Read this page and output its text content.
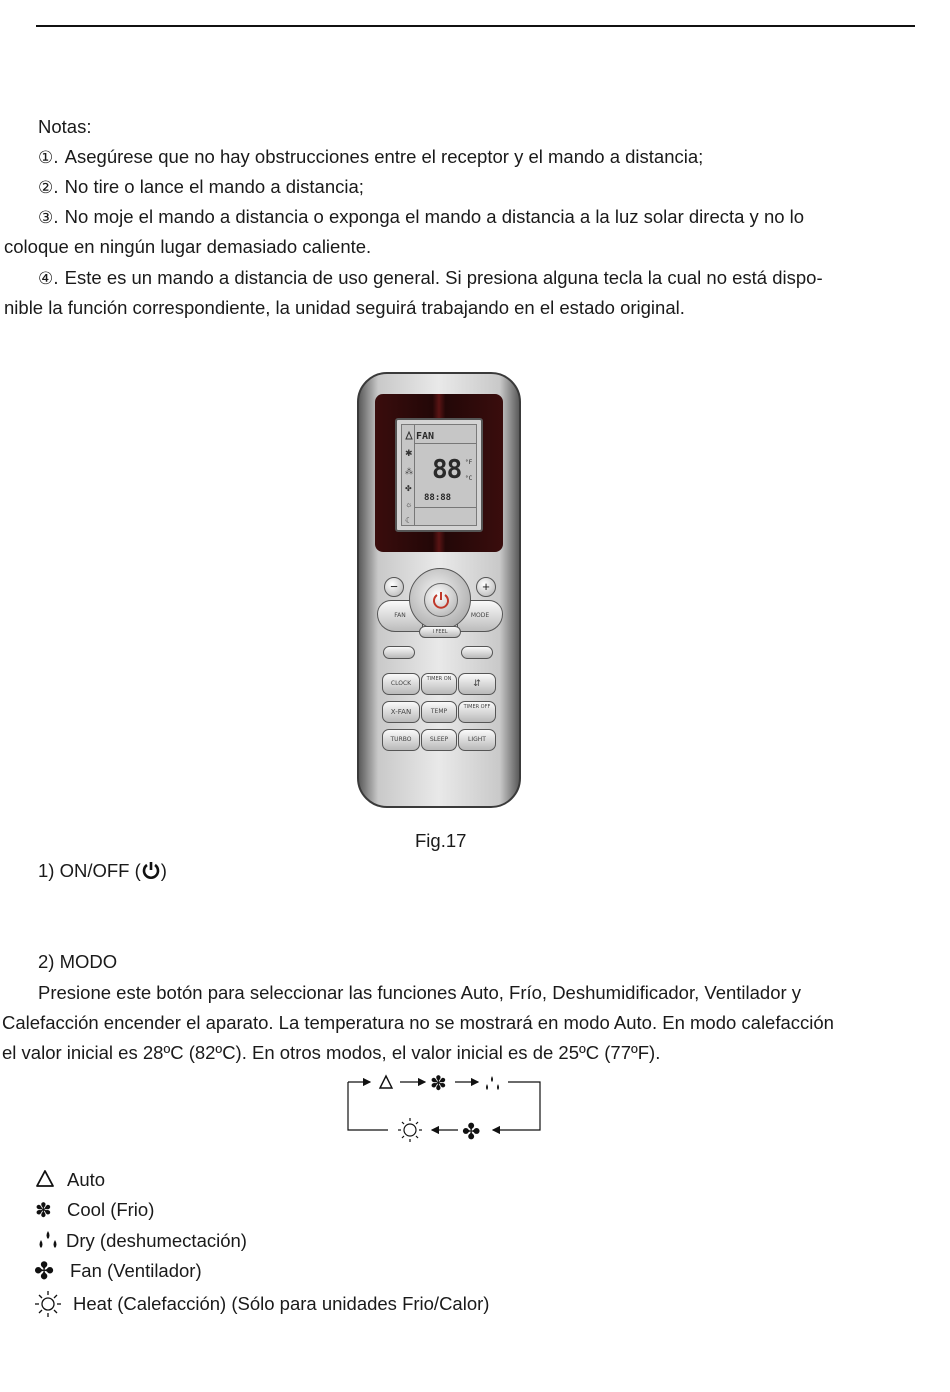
Notas:
①. Asegúrese que no hay obstrucciones entre el receptor y el mando a distancia;
②. No tire o lance el mando a distancia;
③. No moje el mando a distancia o exponga el mando a distancia a la luz solar directa y no lo
coloque en ningún lugar demasiado caliente.
④. Este es un mando a distancia de uso general. Si presiona alguna tecla la cual no está dispo-
nible la función correspondiente, la unidad seguirá trabajando en el estado original.
FAN
✱
⁂
✤
☼
☾
88 °F
°C
88:88
−	+
FAN	MODE
I FEEL
CLOCK
TIMER ON	⇵
X-FAN	TEMP
TIMER OFF
TURBO	SLEEP	LIGHT
Fig.17
1) ON/OFF ( )
2) MODO
Presione este botón para seleccionar las funciones Auto, Frío, Deshumidificador, Ventilador y
Calefacción encender el aparato. La temperatura no se mostrará en modo Auto. En modo calefacción
el valor inicial es 28ºC (82ºC). En otros modos, el valor inicial es de 25ºC (77ºF).
✽
✤
Auto
✽ Cool (Frio)
Dry (deshumectación)
✤ Fan (Ventilador)
Heat (Calefacción) (Sólo para unidades Frio/Calor)
